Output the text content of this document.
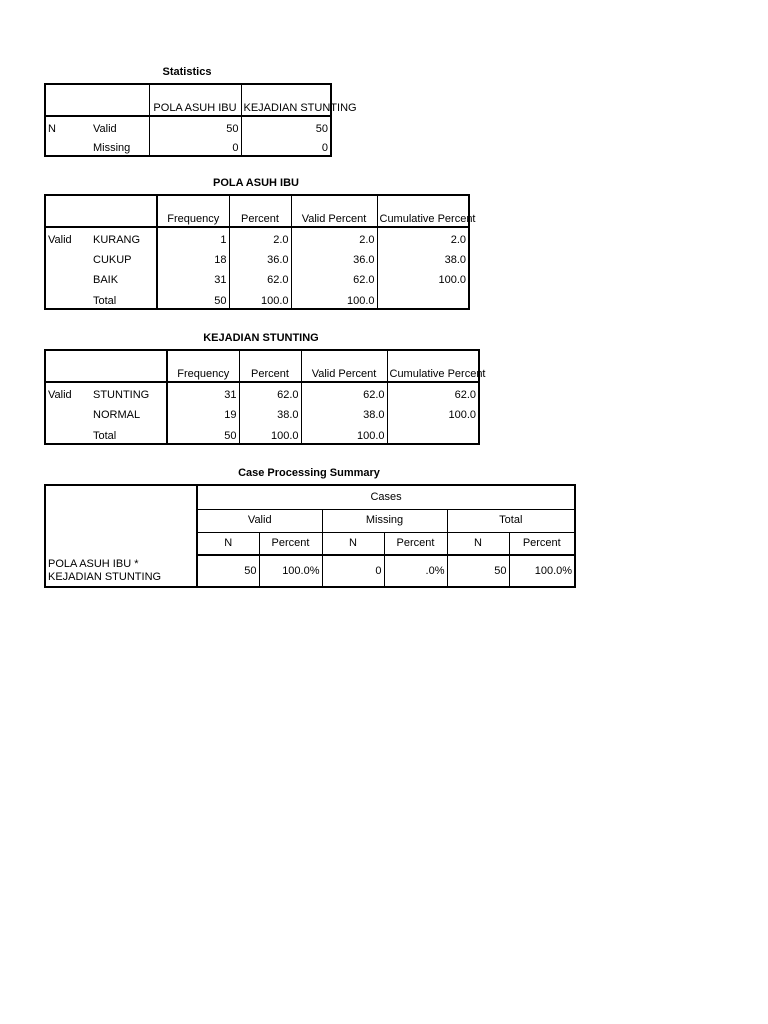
Statistics
		POLA ASUH IBU	KEJADIAN STUNTING
N	Valid	50	50
	Missing	0	0
POLA ASUH IBU
		Frequency	Percent	Valid Percent	Cumulative Percent
Valid	KURANG	1	2.0	2.0	2.0
	CUKUP	18	36.0	36.0	38.0
	BAIK	31	62.0	62.0	100.0
	Total	50	100.0	100.0	
KEJADIAN STUNTING
		Frequency	Percent	Valid Percent	Cumulative Percent
Valid	STUNTING	31	62.0	62.0	62.0
	NORMAL	19	38.0	38.0	100.0
	Total	50	100.0	100.0	
Case Processing Summary
	Cases					
	Valid		Missing		Total	
	N	Percent	N	Percent	N	Percent
POLA ASUH IBU * KEJADIAN STUNTING	50	100.0%	0	.0%	50	100.0%
